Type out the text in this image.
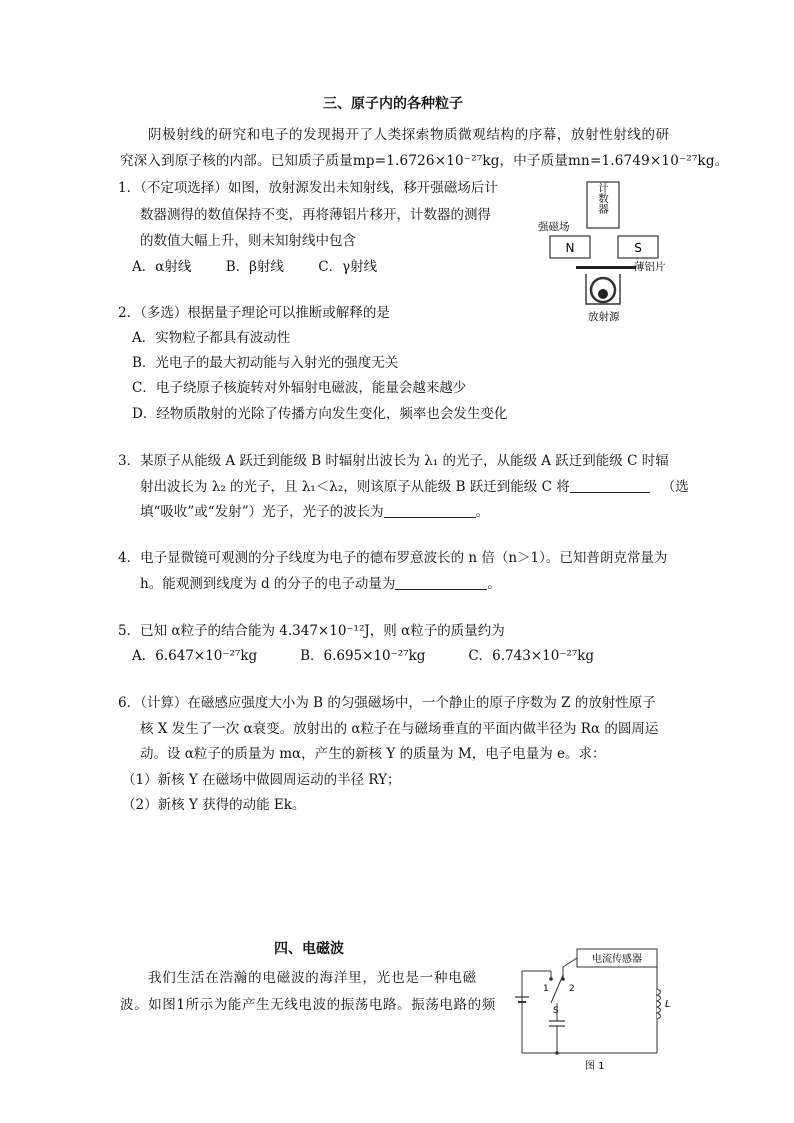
三、原子内的各种粒子
阴极射线的研究和电子的发现揭开了人类探索物质微观结构的序幕，放射性射线的研
究深入到原子核的内部。已知质子质量mp=1.6726×10⁻²⁷kg，中子质量mn=1.6749×10⁻²⁷kg。
1．（不定项选择）如图，放射源发出未知射线，移开强磁场后计
数器测得的数值保持不变，再将薄铝片移开，计数器的测得
的数值大幅上升，则未知射线中包含
A．α射线        B．β射线        C．γ射线
计数器
强磁场
N	S
薄铝片
放射源
2．（多选）根据量子理论可以推断或解释的是
A．实物粒子都具有波动性
B．光电子的最大初动能与入射光的强度无关
C．电子绕原子核旋转对外辐射电磁波，能量会越来越少
D．经物质散射的光除了传播方向发生变化，频率也会发生变化
3．某原子从能级 A 跃迁到能级 B 时辐射出波长为 λ₁ 的光子，从能级 A 跃迁到能级 C 时辐
射出波长为 λ₂ 的光子，且 λ₁＜λ₂，则该原子从能级 B 跃迁到能级 C 将	（选
填“吸收”或“发射”）光子，光子的波长为	。
4．电子显微镜可观测的分子线度为电子的德布罗意波长的 n 倍（n＞1）。已知普朗克常量为
h。能观测到线度为 d 的分子的电子动量为	。
5．已知 α粒子的结合能为 4.347×10⁻¹²J，则 α粒子的质量约为
A．6.647×10⁻²⁷kg          B．6.695×10⁻²⁷kg          C．6.743×10⁻²⁷kg
6．（计算）在磁感应强度大小为 B 的匀强磁场中，一个静止的原子序数为 Z 的放射性原子
核 X 发生了一次 α衰变。放射出的 α粒子在与磁场垂直的平面内做半径为 Rα 的圆周运
动。设 α粒子的质量为 mα，产生的新核 Y 的质量为 M，电子电量为 e。求：
（1）新核 Y 在磁场中做圆周运动的半径 RY；
（2）新核 Y 获得的动能 Ek。
四、电磁波
我们生活在浩瀚的电磁波的海洋里，光也是一种电磁
波。如图1所示为能产生无线电波的振荡电路。振荡电路的频
电流传感器
1 2
S
L
图 1
